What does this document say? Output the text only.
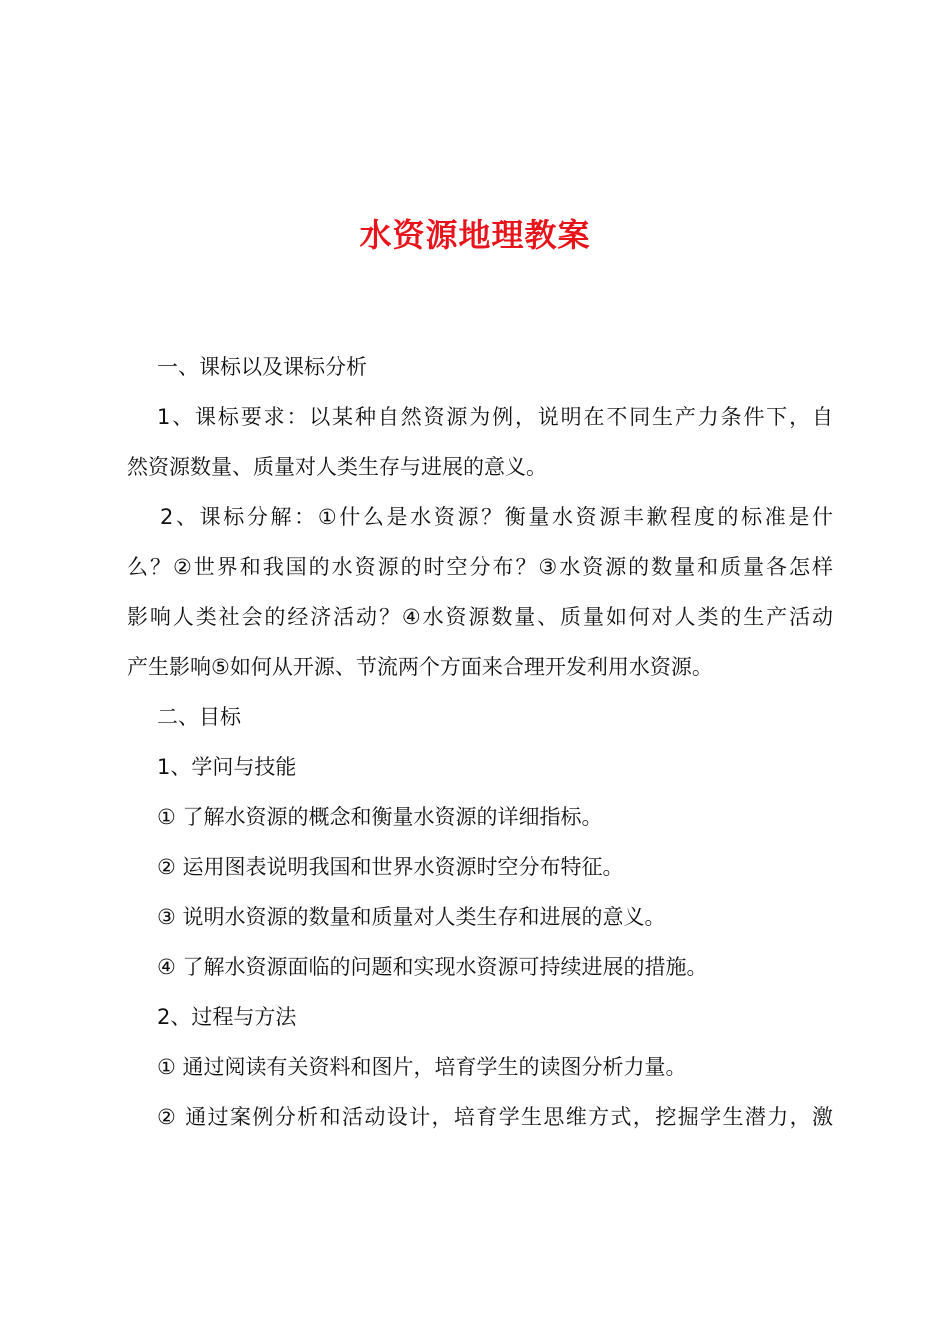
水资源地理教案
一、课标以及课标分析
1、课标要求：以某种自然资源为例，说明在不同生产力条件下，自
然资源数量、质量对人类生存与进展的意义。
2、课标分解：①什么是水资源？衡量水资源丰歉程度的标准是什
么？②世界和我国的水资源的时空分布？③水资源的数量和质量各怎样
影响人类社会的经济活动？④水资源数量、质量如何对人类的生产活动
产生影响⑤如何从开源、节流两个方面来合理开发利用水资源。
二、目标
1、学问与技能
① 了解水资源的概念和衡量水资源的详细指标。
② 运用图表说明我国和世界水资源时空分布特征。
③ 说明水资源的数量和质量对人类生存和进展的意义。
④ 了解水资源面临的问题和实现水资源可持续进展的措施。
2、过程与方法
① 通过阅读有关资料和图片，培育学生的读图分析力量。
② 通过案例分析和活动设计，培育学生思维方式，挖掘学生潜力，激
